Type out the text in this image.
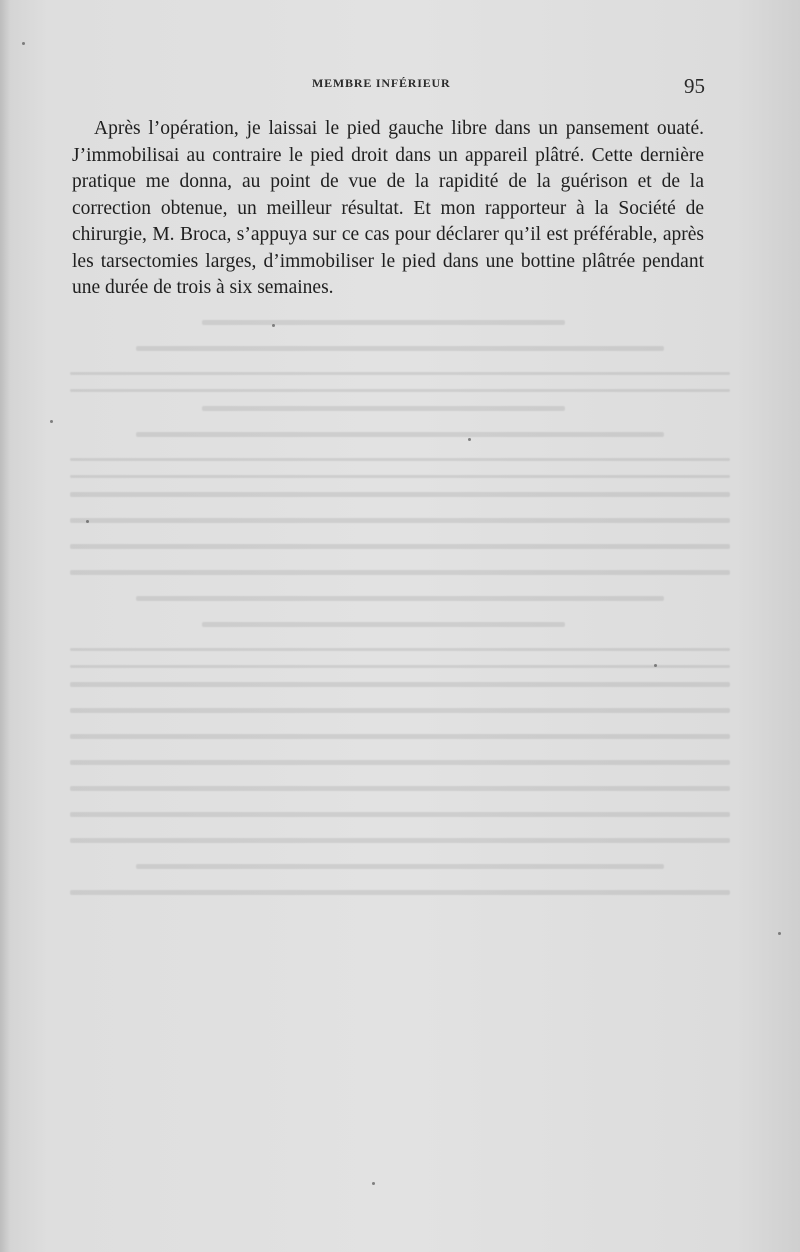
MEMBRE INFÉRIEUR	95

Après l’opération, je laissai le pied gauche libre dans un pansement ouaté. J’immobilisai au contraire le pied droit dans un appareil plâtré. Cette dernière pratique me donna, au point de vue de la rapidité de la guérison et de la correction obtenue, un meilleur résultat. Et mon rapporteur à la Société de chirurgie, M. Broca, s’appuya sur ce cas pour déclarer qu’il est préférable, après les tarsectomies larges, d’immobiliser le pied dans une bottine plâtrée pendant une durée de trois à six semaines.
